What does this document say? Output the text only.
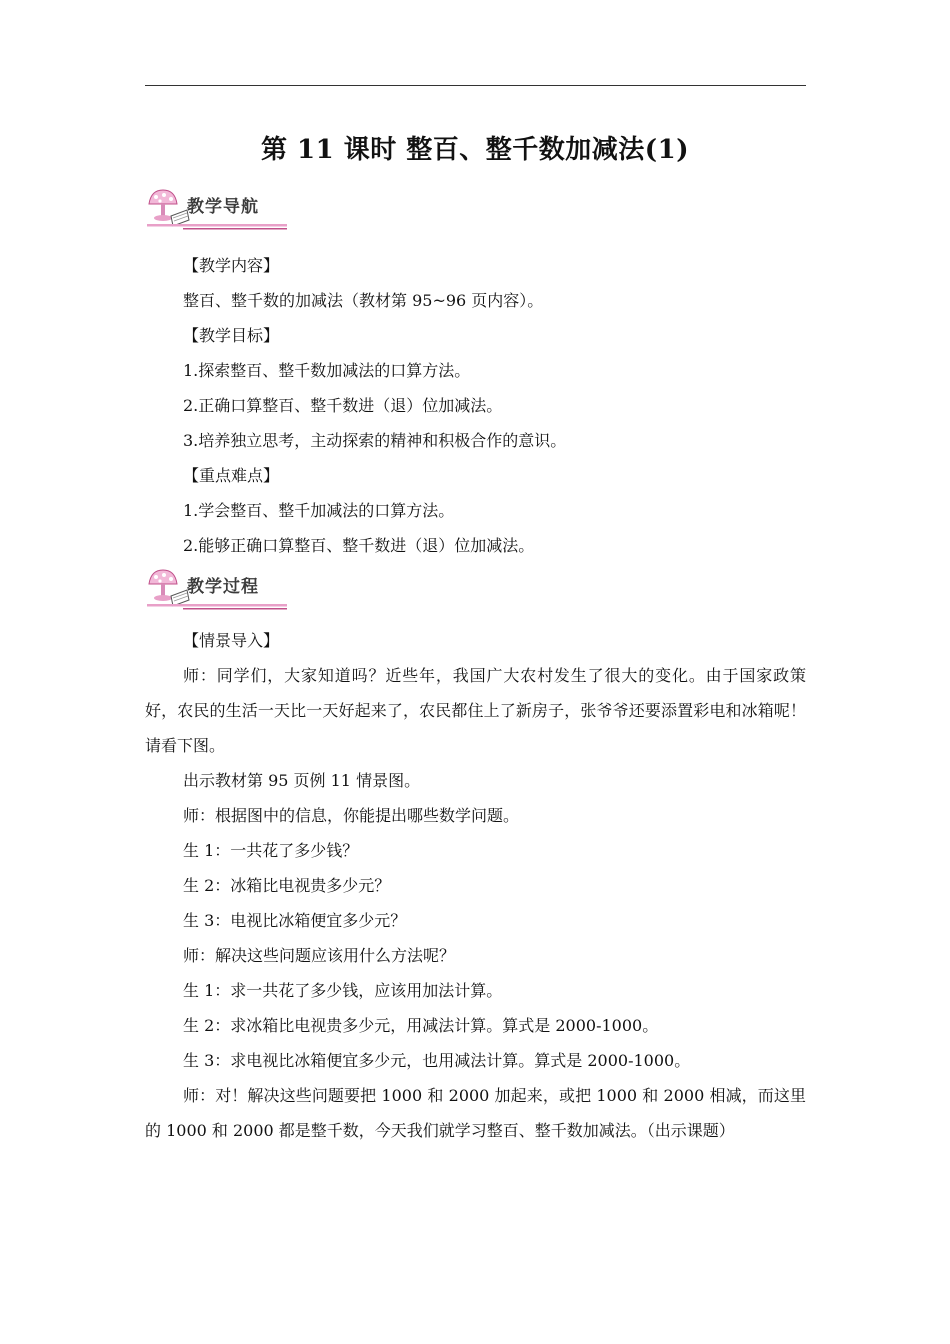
第 11 课时 整百、整千数加减法(1)
教学导航

【教学内容】

整百、整千数的加减法（教材第 95~96 页内容）。

【教学目标】

1.探索整百、整千数加减法的口算方法。

2.正确口算整百、整千数进（退）位加减法。

3.培养独立思考，主动探索的精神和积极合作的意识。

【重点难点】

1.学会整百、整千加减法的口算方法。

2.能够正确口算整百、整千数进（退）位加减法。

教学过程

【情景导入】

师：同学们，大家知道吗？近些年，我国广大农村发生了很大的变化。由于国家政策好，农民的生活一天比一天好起来了，农民都住上了新房子，张爷爷还要添置彩电和冰箱呢！请看下图。

出示教材第 95 页例 11 情景图。

师：根据图中的信息，你能提出哪些数学问题。

生 1：一共花了多少钱？

生 2：冰箱比电视贵多少元？

生 3：电视比冰箱便宜多少元？

师：解决这些问题应该用什么方法呢？

生 1：求一共花了多少钱，应该用加法计算。

生 2：求冰箱比电视贵多少元，用减法计算。算式是 2000-1000。

生 3：求电视比冰箱便宜多少元，也用减法计算。算式是 2000-1000。

师：对！解决这些问题要把 1000 和 2000 加起来，或把 1000 和 2000 相减，而这里的 1000 和 2000 都是整千数，今天我们就学习整百、整千数加减法。（出示课题）
